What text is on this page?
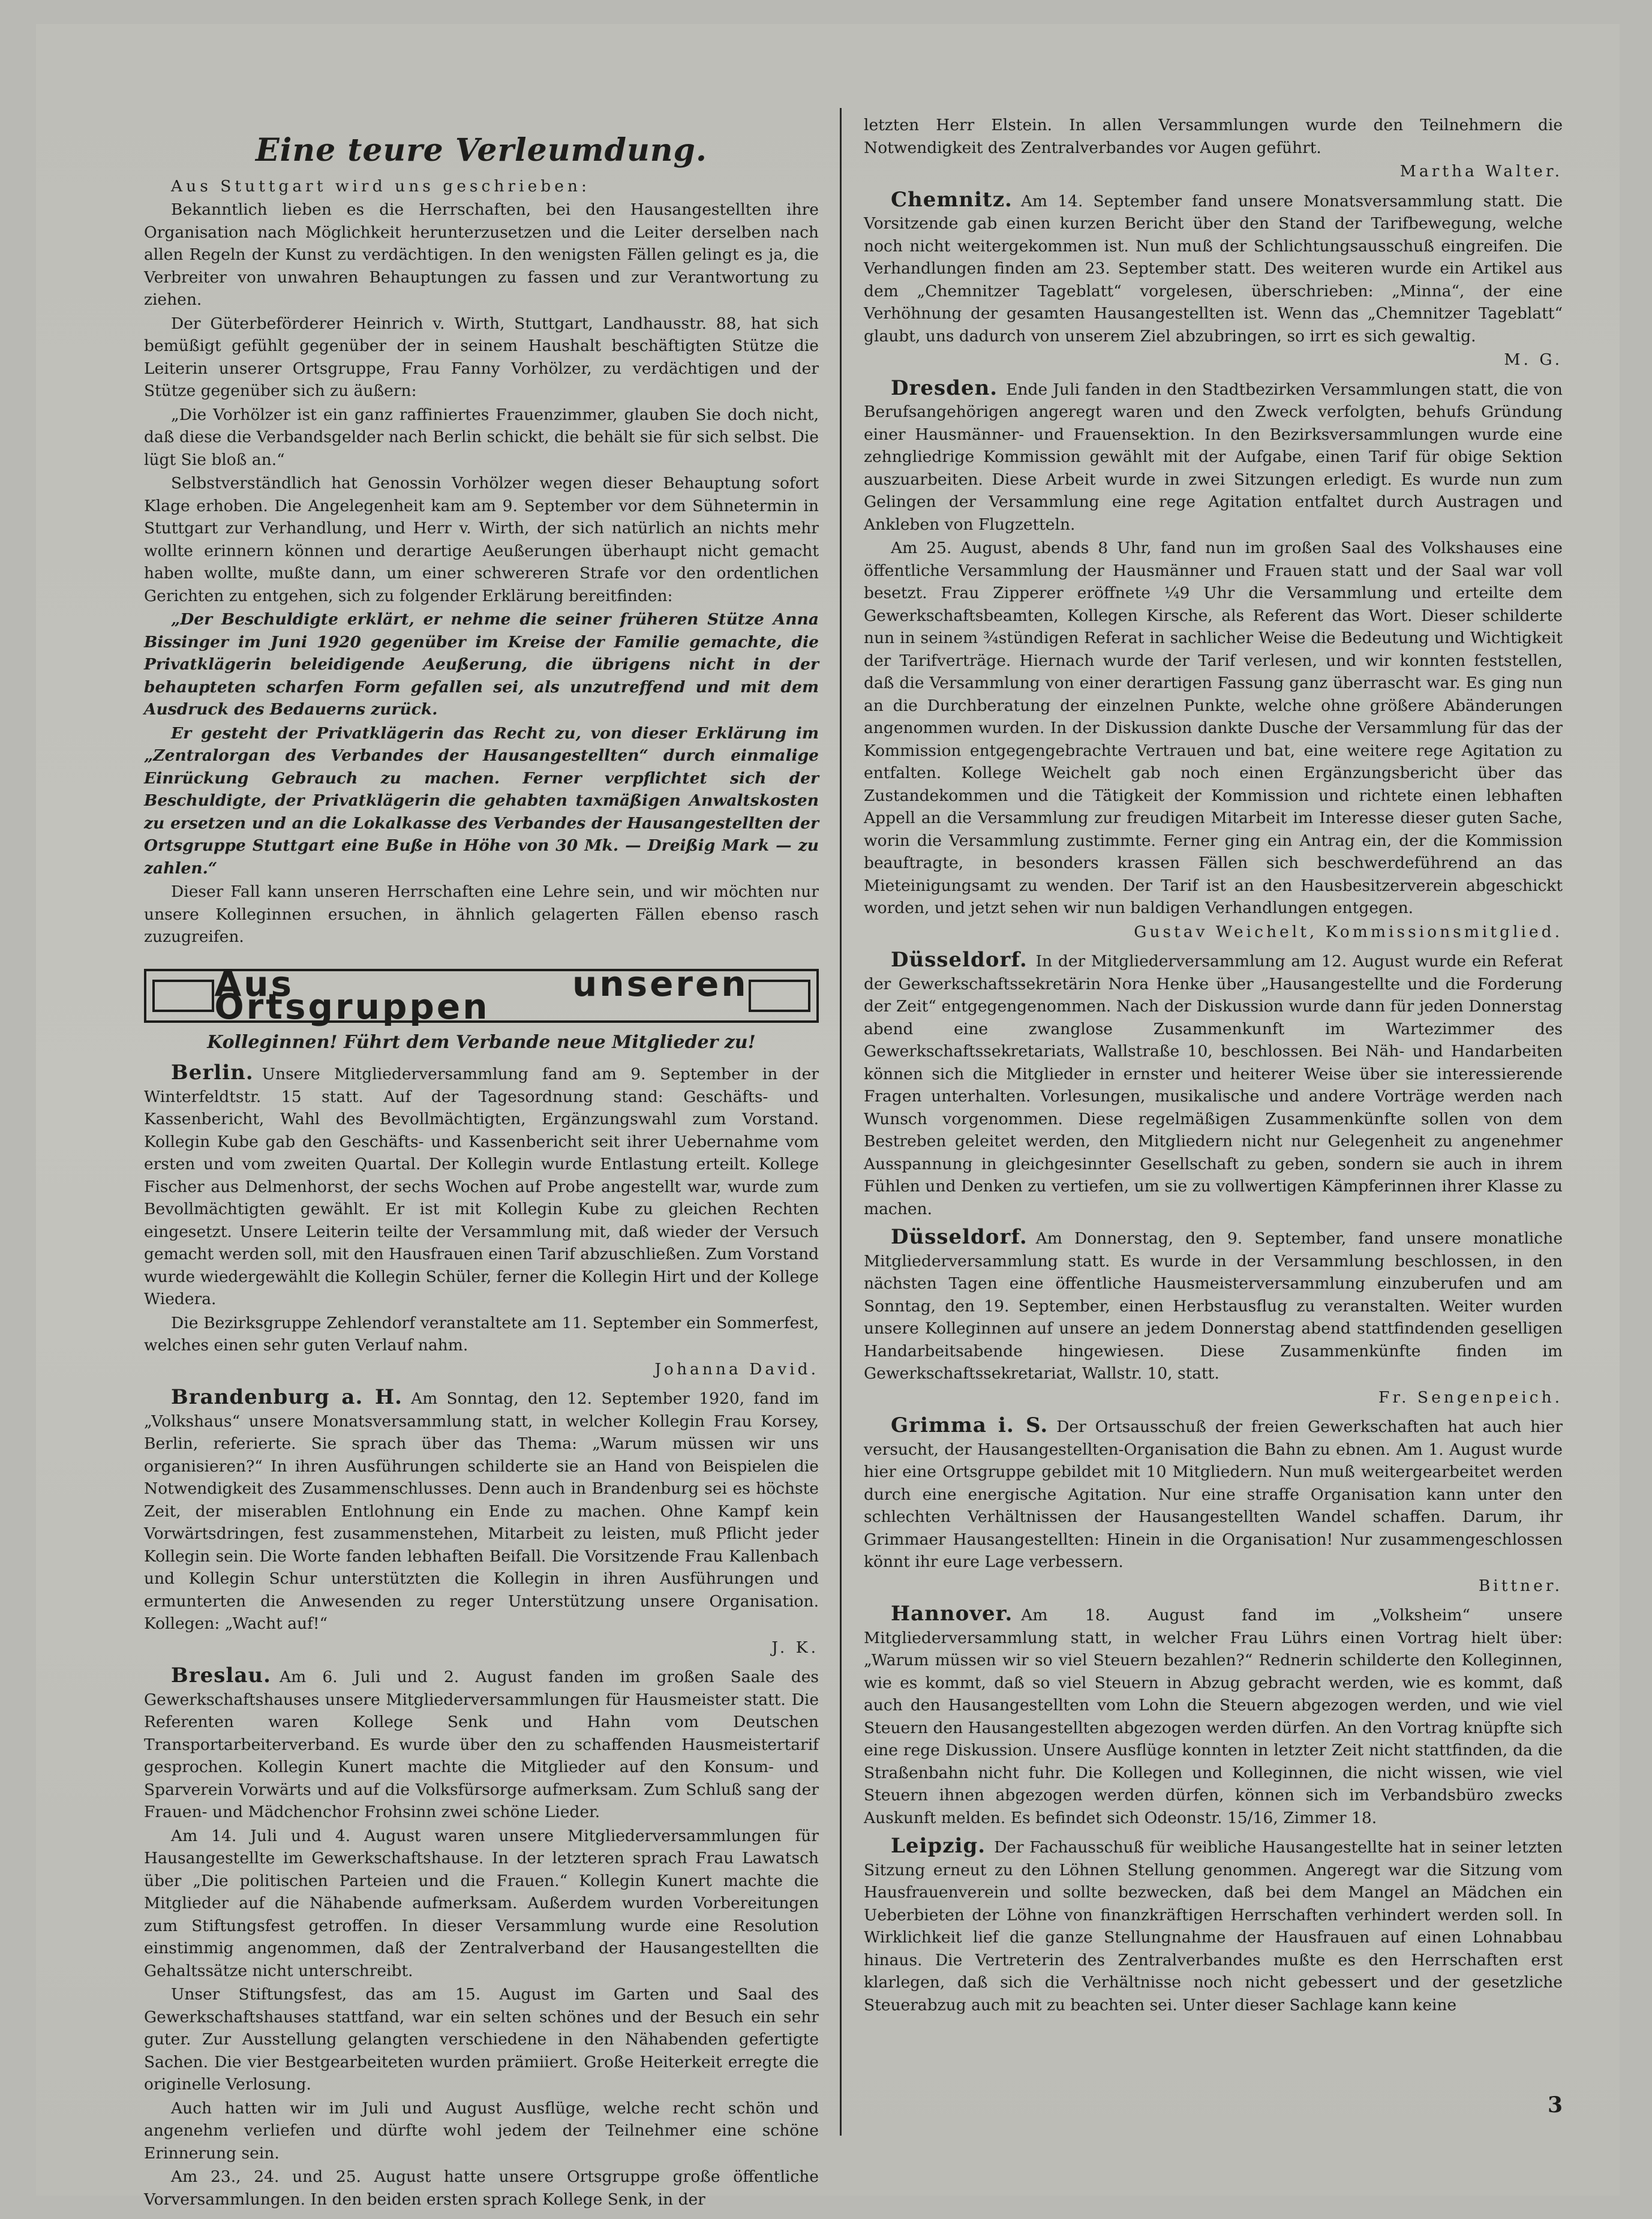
Eine teure Verleumdung.

Aus Stuttgart wird uns geschrieben:

Bekanntlich lieben es die Herrschaften, bei den Hausangestellten ihre Organisation nach Möglichkeit herunterzusetzen und die Leiter derselben nach allen Regeln der Kunst zu verdächtigen. In den wenigsten Fällen gelingt es ja, die Verbreiter von unwahren Behauptungen zu fassen und zur Verantwortung zu ziehen.

Der Güterbeförderer Heinrich v. Wirth, Stuttgart, Landhausstr. 88, hat sich bemüßigt gefühlt gegenüber der in seinem Haushalt beschäftigten Stütze die Leiterin unserer Ortsgruppe, Frau Fanny Vorhölzer, zu verdächtigen und der Stütze gegenüber sich zu äußern:

„Die Vorhölzer ist ein ganz raffiniertes Frauenzimmer, glauben Sie doch nicht, daß diese die Verbandsgelder nach Berlin schickt, die behält sie für sich selbst. Die lügt Sie bloß an.“

Selbstverständlich hat Genossin Vorhölzer wegen dieser Behauptung sofort Klage erhoben. Die Angelegenheit kam am 9. September vor dem Sühnetermin in Stuttgart zur Verhandlung, und Herr v. Wirth, der sich natürlich an nichts mehr wollte erinnern können und derartige Aeußerungen überhaupt nicht gemacht haben wollte, mußte dann, um einer schwereren Strafe vor den ordentlichen Gerichten zu entgehen, sich zu folgender Erklärung bereitfinden:

„Der Beschuldigte erklärt, er nehme die seiner früheren Stütze Anna Bissinger im Juni 1920 gegenüber im Kreise der Familie gemachte, die Privatklägerin beleidigende Aeußerung, die übrigens nicht in der behaupteten scharfen Form gefallen sei, als unzutreffend und mit dem Ausdruck des Bedauerns zurück.

Er gesteht der Privatklägerin das Recht zu, von dieser Erklärung im „Zentralorgan des Verbandes der Hausangestellten“ durch einmalige Einrückung Gebrauch zu machen. Ferner verpflichtet sich der Beschuldigte, der Privatklägerin die gehabten taxmäßigen Anwaltskosten zu ersetzen und an die Lokalkasse des Verbandes der Hausangestellten der Ortsgruppe Stuttgart eine Buße in Höhe von 30 Mk. — Dreißig Mark — zu zahlen.“

Dieser Fall kann unseren Herrschaften eine Lehre sein, und wir möchten nur unsere Kolleginnen ersuchen, in ähnlich gelagerten Fällen ebenso rasch zuzugreifen.

Aus unseren Ortsgruppen
Kolleginnen! Führt dem Verbande neue Mitglieder zu!

Berlin. Unsere Mitgliederversammlung fand am 9. September in der Winterfeldtstr. 15 statt. Auf der Tagesordnung stand: Geschäfts- und Kassenbericht, Wahl des Bevollmächtigten, Ergänzungswahl zum Vorstand. Kollegin Kube gab den Geschäfts- und Kassenbericht seit ihrer Uebernahme vom ersten und vom zweiten Quartal. Der Kollegin wurde Entlastung erteilt. Kollege Fischer aus Delmenhorst, der sechs Wochen auf Probe angestellt war, wurde zum Bevollmächtigten gewählt. Er ist mit Kollegin Kube zu gleichen Rechten eingesetzt. Unsere Leiterin teilte der Versammlung mit, daß wieder der Versuch gemacht werden soll, mit den Hausfrauen einen Tarif abzuschließen. Zum Vorstand wurde wiedergewählt die Kollegin Schüler, ferner die Kollegin Hirt und der Kollege Wiedera.

Die Bezirksgruppe Zehlendorf veranstaltete am 11. September ein Sommerfest, welches einen sehr guten Verlauf nahm.

Johanna David.

Brandenburg a. H. Am Sonntag, den 12. September 1920, fand im „Volkshaus“ unsere Monatsversammlung statt, in welcher Kollegin Frau Korsey, Berlin, referierte. Sie sprach über das Thema: „Warum müssen wir uns organisieren?“ In ihren Ausführungen schilderte sie an Hand von Beispielen die Notwendigkeit des Zusammenschlusses. Denn auch in Brandenburg sei es höchste Zeit, der miserablen Entlohnung ein Ende zu machen. Ohne Kampf kein Vorwärtsdringen, fest zusammenstehen, Mitarbeit zu leisten, muß Pflicht jeder Kollegin sein. Die Worte fanden lebhaften Beifall. Die Vorsitzende Frau Kallenbach und Kollegin Schur unterstützten die Kollegin in ihren Ausführungen und ermunterten die Anwesenden zu reger Unterstützung unsere Organisation. Kollegen: „Wacht auf!“

J. K.

Breslau. Am 6. Juli und 2. August fanden im großen Saale des Gewerkschaftshauses unsere Mitgliederversammlungen für Hausmeister statt. Die Referenten waren Kollege Senk und Hahn vom Deutschen Transportarbeiterverband. Es wurde über den zu schaffenden Hausmeistertarif gesprochen. Kollegin Kunert machte die Mitglieder auf den Konsum- und Sparverein Vorwärts und auf die Volksfürsorge aufmerksam. Zum Schluß sang der Frauen- und Mädchenchor Frohsinn zwei schöne Lieder.

Am 14. Juli und 4. August waren unsere Mitgliederversammlungen für Hausangestellte im Gewerkschaftshause. In der letzteren sprach Frau Lawatsch über „Die politischen Parteien und die Frauen.“ Kollegin Kunert machte die Mitglieder auf die Nähabende aufmerksam. Außerdem wurden Vorbereitungen zum Stiftungsfest getroffen. In dieser Versammlung wurde eine Resolution einstimmig angenommen, daß der Zentralverband der Hausangestellten die Gehaltssätze nicht unterschreibt.

Unser Stiftungsfest, das am 15. August im Garten und Saal des Gewerkschaftshauses stattfand, war ein selten schönes und der Besuch ein sehr guter. Zur Ausstellung gelangten verschiedene in den Nähabenden gefertigte Sachen. Die vier Bestgearbeiteten wurden prämiiert. Große Heiterkeit erregte die originelle Verlosung.

Auch hatten wir im Juli und August Ausflüge, welche recht schön und angenehm verliefen und dürfte wohl jedem der Teilnehmer eine schöne Erinnerung sein.

Am 23., 24. und 25. August hatte unsere Ortsgruppe große öffentliche Vorversammlungen. In den beiden ersten sprach Kollege Senk, in der

letzten Herr Elstein. In allen Versammlungen wurde den Teilnehmern die Notwendigkeit des Zentralverbandes vor Augen geführt.

Martha Walter.

Chemnitz. Am 14. September fand unsere Monatsversammlung statt. Die Vorsitzende gab einen kurzen Bericht über den Stand der Tarifbewegung, welche noch nicht weitergekommen ist. Nun muß der Schlichtungsausschuß eingreifen. Die Verhandlungen finden am 23. September statt. Des weiteren wurde ein Artikel aus dem „Chemnitzer Tageblatt“ vorgelesen, überschrieben: „Minna“, der eine Verhöhnung der gesamten Hausangestellten ist. Wenn das „Chemnitzer Tageblatt“ glaubt, uns dadurch von unserem Ziel abzubringen, so irrt es sich gewaltig.

M. G.

Dresden. Ende Juli fanden in den Stadtbezirken Versammlungen statt, die von Berufsangehörigen angeregt waren und den Zweck verfolgten, behufs Gründung einer Hausmänner- und Frauensektion. In den Bezirksversammlungen wurde eine zehngliedrige Kommission gewählt mit der Aufgabe, einen Tarif für obige Sektion auszuarbeiten. Diese Arbeit wurde in zwei Sitzungen erledigt. Es wurde nun zum Gelingen der Versammlung eine rege Agitation entfaltet durch Austragen und Ankleben von Flugzetteln.

Am 25. August, abends 8 Uhr, fand nun im großen Saal des Volkshauses eine öffentliche Versammlung der Hausmänner und Frauen statt und der Saal war voll besetzt. Frau Zipperer eröffnete ¼9 Uhr die Versammlung und erteilte dem Gewerkschaftsbeamten, Kollegen Kirsche, als Referent das Wort. Dieser schilderte nun in seinem ¾stündigen Referat in sachlicher Weise die Bedeutung und Wichtigkeit der Tarifverträge. Hiernach wurde der Tarif verlesen, und wir konnten feststellen, daß die Versammlung von einer derartigen Fassung ganz überrascht war. Es ging nun an die Durchberatung der einzelnen Punkte, welche ohne größere Abänderungen angenommen wurden. In der Diskussion dankte Dusche der Versammlung für das der Kommission entgegengebrachte Vertrauen und bat, eine weitere rege Agitation zu entfalten. Kollege Weichelt gab noch einen Ergänzungsbericht über das Zustandekommen und die Tätigkeit der Kommission und richtete einen lebhaften Appell an die Versammlung zur freudigen Mitarbeit im Interesse dieser guten Sache, worin die Versammlung zustimmte. Ferner ging ein Antrag ein, der die Kommission beauftragte, in besonders krassen Fällen sich beschwerdeführend an das Mieteinigungsamt zu wenden. Der Tarif ist an den Hausbesitzerverein abgeschickt worden, und jetzt sehen wir nun baldigen Verhandlungen entgegen.

Gustav Weichelt, Kommissionsmitglied.

Düsseldorf. In der Mitgliederversammlung am 12. August wurde ein Referat der Gewerkschaftssekretärin Nora Henke über „Hausangestellte und die Forderung der Zeit“ entgegengenommen. Nach der Diskussion wurde dann für jeden Donnerstag abend eine zwanglose Zusammenkunft im Wartezimmer des Gewerkschaftssekretariats, Wallstraße 10, beschlossen. Bei Näh- und Handarbeiten können sich die Mitglieder in ernster und heiterer Weise über sie interessierende Fragen unterhalten. Vorlesungen, musikalische und andere Vorträge werden nach Wunsch vorgenommen. Diese regelmäßigen Zusammenkünfte sollen von dem Bestreben geleitet werden, den Mitgliedern nicht nur Gelegenheit zu angenehmer Ausspannung in gleichgesinnter Gesellschaft zu geben, sondern sie auch in ihrem Fühlen und Denken zu vertiefen, um sie zu vollwertigen Kämpferinnen ihrer Klasse zu machen.

Düsseldorf. Am Donnerstag, den 9. September, fand unsere monatliche Mitgliederversammlung statt. Es wurde in der Versammlung beschlossen, in den nächsten Tagen eine öffentliche Hausmeisterversammlung einzuberufen und am Sonntag, den 19. September, einen Herbstausflug zu veranstalten. Weiter wurden unsere Kolleginnen auf unsere an jedem Donnerstag abend stattfindenden geselligen Handarbeitsabende hingewiesen. Diese Zusammenkünfte finden im Gewerkschaftssekretariat, Wallstr. 10, statt.

Fr. Sengenpeich.

Grimma i. S. Der Ortsausschuß der freien Gewerkschaften hat auch hier versucht, der Hausangestellten-Organisation die Bahn zu ebnen. Am 1. August wurde hier eine Ortsgruppe gebildet mit 10 Mitgliedern. Nun muß weitergearbeitet werden durch eine energische Agitation. Nur eine straffe Organisation kann unter den schlechten Verhältnissen der Hausangestellten Wandel schaffen. Darum, ihr Grimmaer Hausangestellten: Hinein in die Organisation! Nur zusammengeschlossen könnt ihr eure Lage verbessern.

Bittner.

Hannover. Am 18. August fand im „Volksheim“ unsere Mitgliederversammlung statt, in welcher Frau Lührs einen Vortrag hielt über: „Warum müssen wir so viel Steuern bezahlen?“ Rednerin schilderte den Kolleginnen, wie es kommt, daß so viel Steuern in Abzug gebracht werden, wie es kommt, daß auch den Hausangestellten vom Lohn die Steuern abgezogen werden, und wie viel Steuern den Hausangestellten abgezogen werden dürfen. An den Vortrag knüpfte sich eine rege Diskussion. Unsere Ausflüge konnten in letzter Zeit nicht stattfinden, da die Straßenbahn nicht fuhr. Die Kollegen und Kolleginnen, die nicht wissen, wie viel Steuern ihnen abgezogen werden dürfen, können sich im Verbandsbüro zwecks Auskunft melden. Es befindet sich Odeonstr. 15/16, Zimmer 18.

Leipzig. Der Fachausschuß für weibliche Hausangestellte hat in seiner letzten Sitzung erneut zu den Löhnen Stellung genommen. Angeregt war die Sitzung vom Hausfrauenverein und sollte bezwecken, daß bei dem Mangel an Mädchen ein Ueberbieten der Löhne von finanzkräftigen Herrschaften verhindert werden soll. In Wirklichkeit lief die ganze Stellungnahme der Hausfrauen auf einen Lohnabbau hinaus. Die Vertreterin des Zentralverbandes mußte es den Herrschaften erst klarlegen, daß sich die Verhältnisse noch nicht gebessert und der gesetzliche Steuerabzug auch mit zu beachten sei. Unter dieser Sachlage kann keine

3
